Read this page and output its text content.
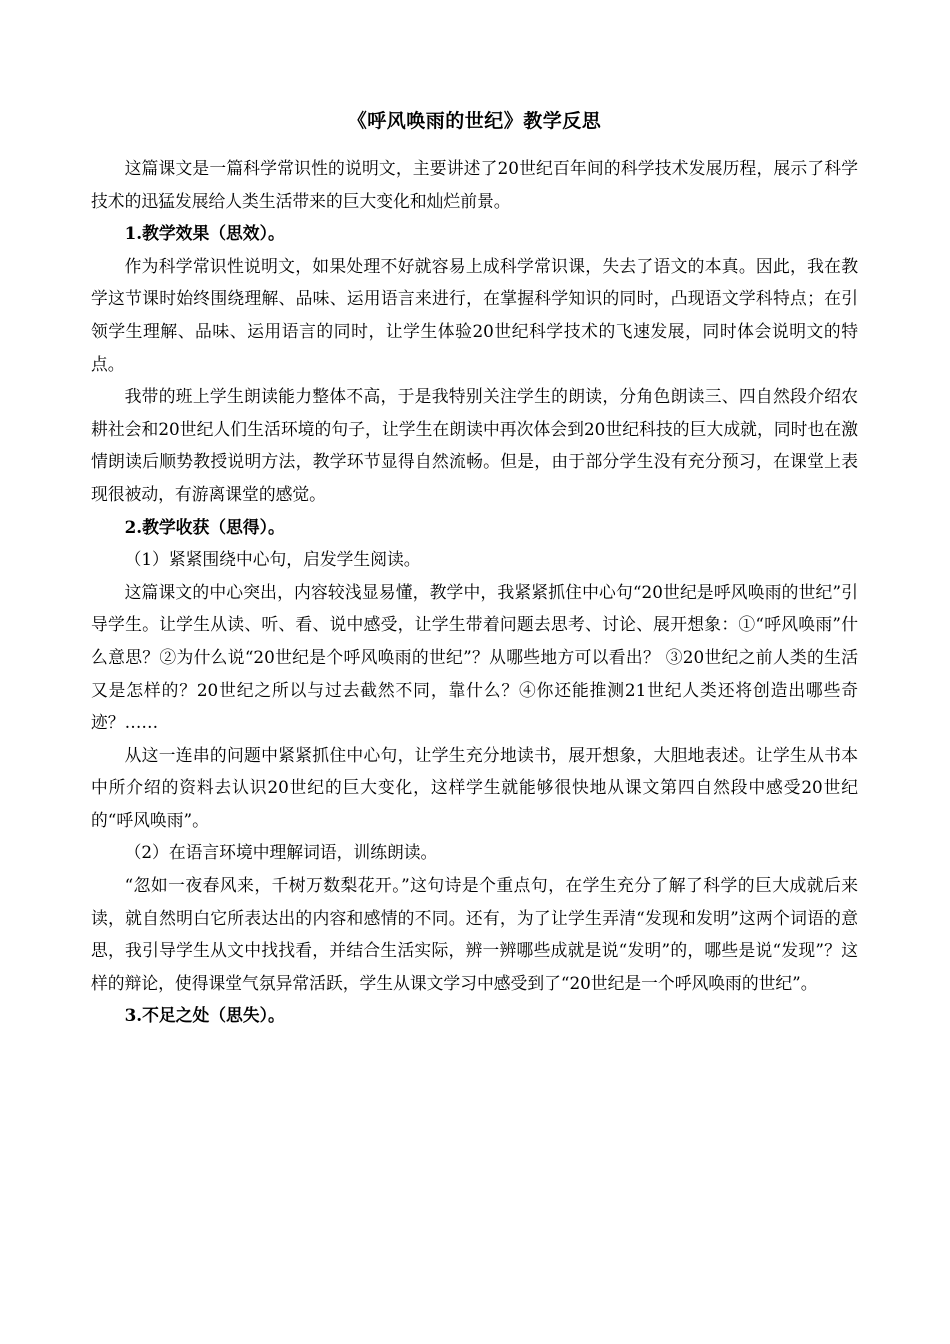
《呼风唤雨的世纪》教学反思

这篇课文是一篇科学常识性的说明文，主要讲述了20世纪百年间的科学技术发展历程，展示了科学技术的迅猛发展给人类生活带来的巨大变化和灿烂前景。

1.教学效果（思效）。

作为科学常识性说明文，如果处理不好就容易上成科学常识课，失去了语文的本真。因此，我在教学这节课时始终围绕理解、品味、运用语言来进行，在掌握科学知识的同时，凸现语文学科特点；在引领学生理解、品味、运用语言的同时，让学生体验20世纪科学技术的飞速发展，同时体会说明文的特点。

我带的班上学生朗读能力整体不高，于是我特别关注学生的朗读，分角色朗读三、四自然段介绍农耕社会和20世纪人们生活环境的句子，让学生在朗读中再次体会到20世纪科技的巨大成就，同时也在激情朗读后顺势教授说明方法，教学环节显得自然流畅。但是，由于部分学生没有充分预习，在课堂上表现很被动，有游离课堂的感觉。

2.教学收获（思得）。

（1）紧紧围绕中心句，启发学生阅读。

这篇课文的中心突出，内容较浅显易懂，教学中，我紧紧抓住中心句“20世纪是呼风唤雨的世纪”引导学生。让学生从读、听、看、说中感受，让学生带着问题去思考、讨论、展开想象：①“呼风唤雨”什么意思？②为什么说“20世纪是个呼风唤雨的世纪”？从哪些地方可以看出？ ③20世纪之前人类的生活又是怎样的？20世纪之所以与过去截然不同，靠什么？④你还能推测21世纪人类还将创造出哪些奇迹？……

从这一连串的问题中紧紧抓住中心句，让学生充分地读书，展开想象，大胆地表述。让学生从书本中所介绍的资料去认识20世纪的巨大变化，这样学生就能够很快地从课文第四自然段中感受20世纪的“呼风唤雨”。

（2）在语言环境中理解词语，训练朗读。

“忽如一夜春风来，千树万数梨花开。”这句诗是个重点句，在学生充分了解了科学的巨大成就后来读，就自然明白它所表达出的内容和感情的不同。还有，为了让学生弄清“发现和发明”这两个词语的意思，我引导学生从文中找找看，并结合生活实际，辨一辨哪些成就是说“发明”的，哪些是说“发现”？这样的辩论，使得课堂气氛异常活跃，学生从课文学习中感受到了“20世纪是一个呼风唤雨的世纪”。

3.不足之处（思失）。
